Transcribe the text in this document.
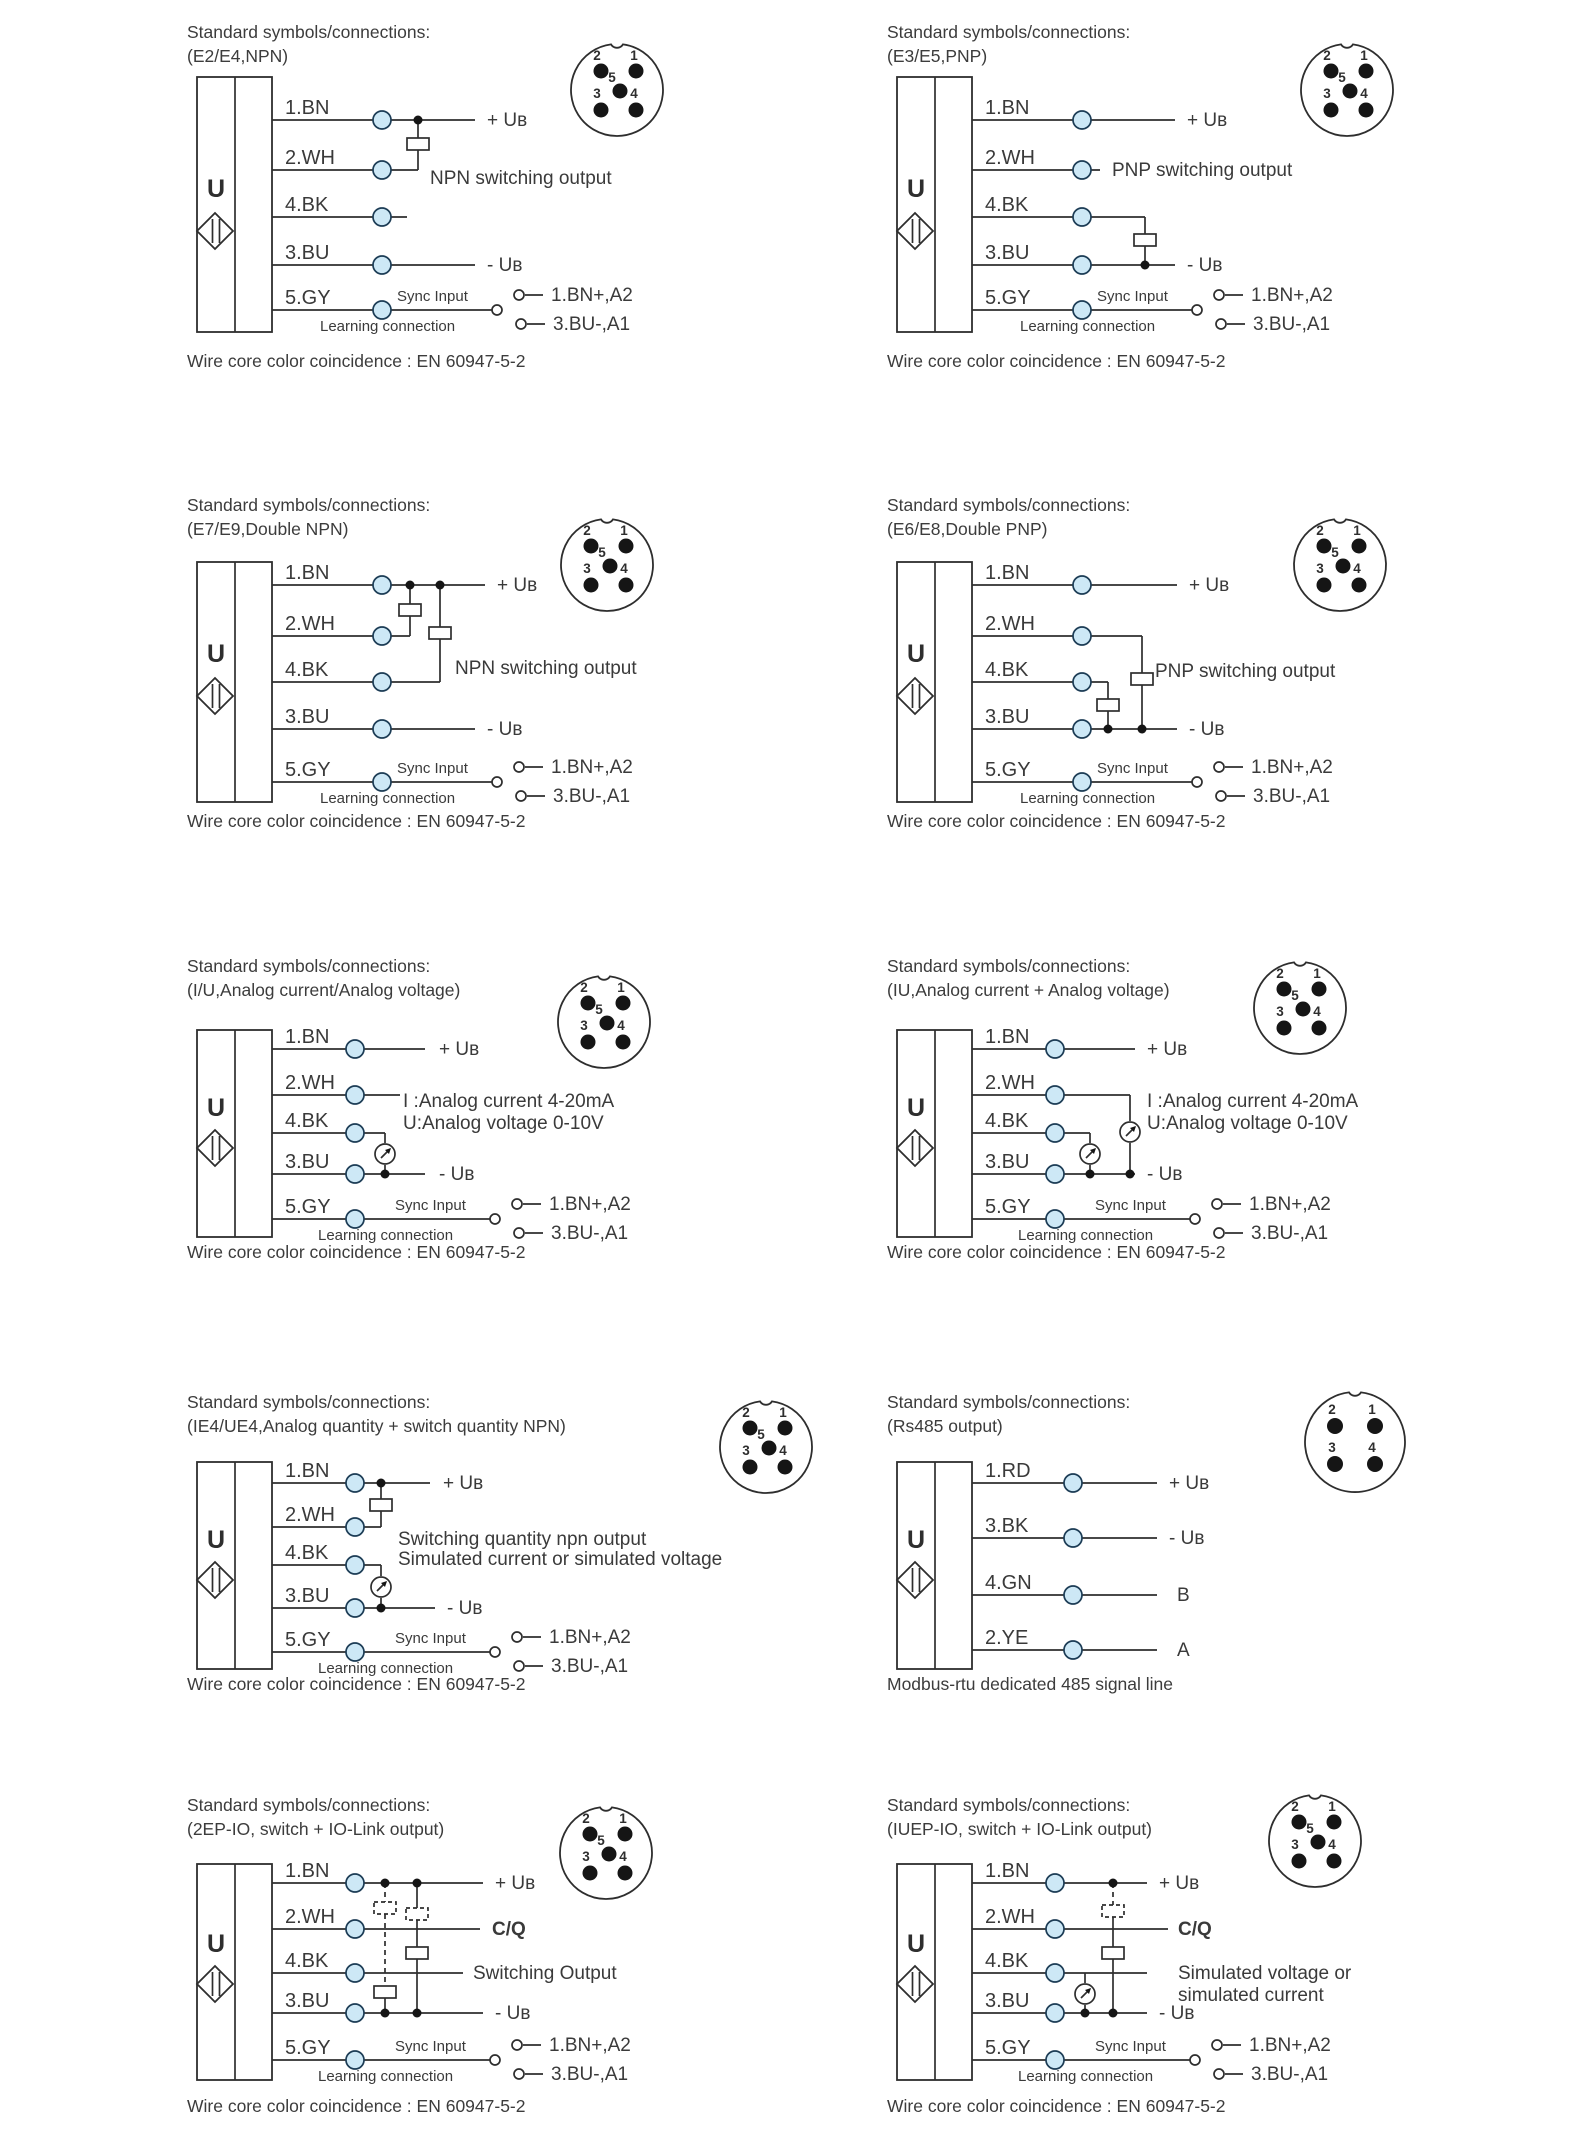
Standard symbols/connections:
(E2/E4,NPN)	1
2
3 4
5
U
1.BN
2.WH
4.BK
3.BU
5.GY
+ Uʙ
NPN switching output
- Uʙ
Sync Input
Learning connection
1.BN+,A2
3.BU-,A1
Wire core color coincidence : EN 60947-5-2
Standard symbols/connections:
(E3/E5,PNP)	1
2
3 4
5
U
1.BN
2.WH
4.BK
3.BU
5.GY
+ Uʙ
PNP switching output
- Uʙ
Sync Input
Learning connection
1.BN+,A2
3.BU-,A1
Wire core color coincidence : EN 60947-5-2
Standard symbols/connections:
(E7/E9,Double NPN)	1
2
3 4
5
U
1.BN
2.WH
4.BK
3.BU
5.GY
+ Uʙ
NPN switching output
- Uʙ
Sync Input
Learning connection
1.BN+,A2
3.BU-,A1
Wire core color coincidence : EN 60947-5-2
Standard symbols/connections:
(E6/E8,Double PNP)	1
2
3 4
5
U
1.BN
2.WH
4.BK
3.BU
5.GY
+ Uʙ
PNP switching output
- Uʙ
Sync Input
Learning connection
1.BN+,A2
3.BU-,A1
Wire core color coincidence : EN 60947-5-2
Standard symbols/connections:
(I/U,Analog current/Analog voltage)	1
2
3 4
5
U
1.BN
2.WH
4.BK
3.BU
5.GY
+ Uʙ
I :Analog current 4-20mA
U:Analog voltage 0-10V
- Uʙ
Sync Input
Learning connection
1.BN+,A2
3.BU-,A1
Wire core color coincidence : EN 60947-5-2
Standard symbols/connections:
(IU,Analog current + Analog voltage)
1
2
3 4
5
U
1.BN
2.WH
4.BK
3.BU
5.GY
+ Uʙ
I :Analog current 4-20mA
U:Analog voltage 0-10V
- Uʙ
Sync Input
Learning connection
1.BN+,A2
3.BU-,A1
Wire core color coincidence : EN 60947-5-2
Standard symbols/connections:
(IE4/UE4,Analog quantity + switch quantity NPN)
1
2
3 4
5
U
1.BN
2.WH
4.BK
3.BU
5.GY
+ Uʙ
Switching quantity npn output
Simulated current or simulated voltage
- Uʙ
Sync Input
Learning connection
1.BN+,A2
3.BU-,A1
Wire core color coincidence : EN 60947-5-2
Standard symbols/connections:
(Rs485 output)
1
2
3 4
U
1.RD
3.BK
4.GN
2.YE
+ Uʙ
- Uʙ
B
A
Modbus-rtu dedicated 485 signal line
Standard symbols/connections:
(2EP-IO, switch + IO-Link output)
1
2
3 4
5
U
1.BN
2.WH
4.BK
3.BU
5.GY
+ Uʙ
C/Q
Switching Output
- Uʙ
Sync Input
Learning connection
1.BN+,A2
3.BU-,A1
Wire core color coincidence : EN 60947-5-2
Standard symbols/connections:
(IUEP-IO, switch + IO-Link output)
1
2
3 4
5
U
1.BN
2.WH
4.BK
3.BU
5.GY
+ Uʙ
C/Q
Simulated voltage or
simulated current
- Uʙ
Sync Input
Learning connection
1.BN+,A2
3.BU-,A1
Wire core color coincidence : EN 60947-5-2
